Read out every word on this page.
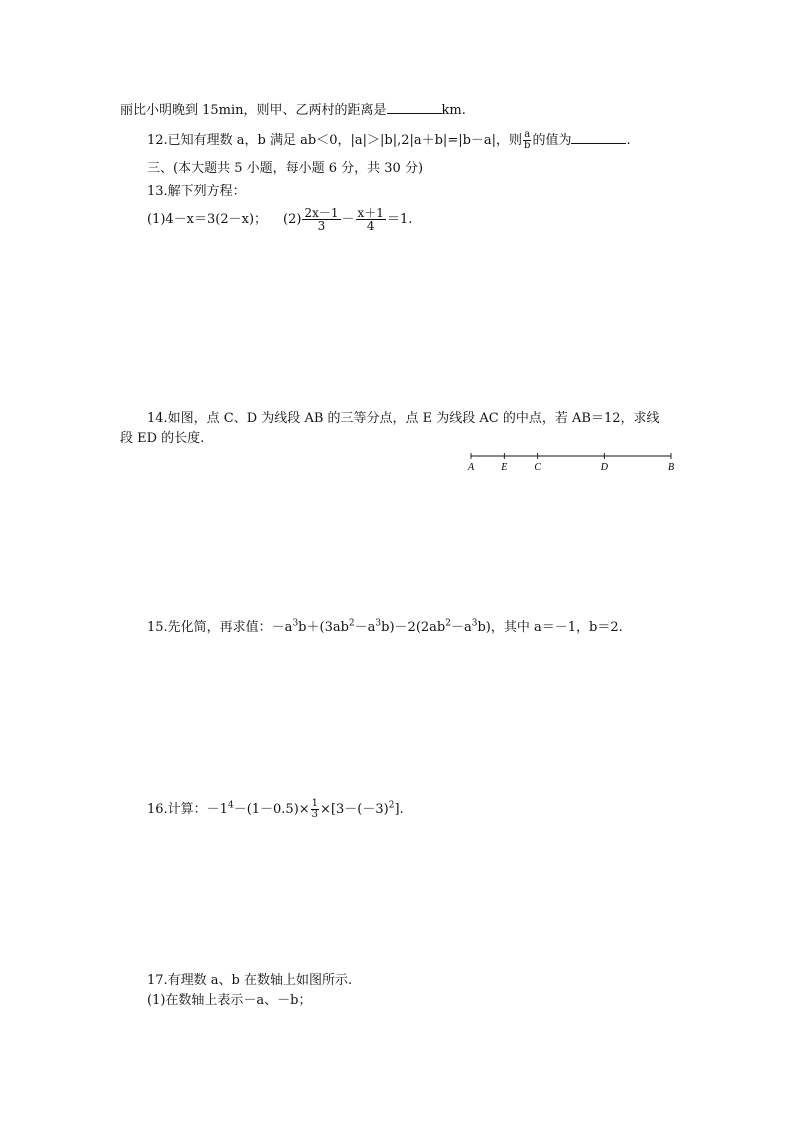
丽比小明晚到 15min，则甲、乙两村的距离是	km.
12.已知有理数 a，b 满足 ab＜0，|a|＞|b|,2|a＋b|=|b－a|，则 $\frac{a}{b}$ 的值为	.
三、(本大题共 5 小题，每小题 6 分，共 30 分)
13.解下列方程：
(1)4－x＝3(2－x)； $(2) \frac{2x-1}{3} - \frac{x+1}{4} =1$.
14.如图，点 C、D 为线段 AB 的三等分点，点 E 为线段 AC 的中点，若 AB＝12，求线
段 ED 的长度.
A	E	C	D	B
15.先化简，再求值：$-a^3b+(3ab^2-a^3b)-2(2ab^2-a^3b)$，其中 a＝－1，b＝2.
16.计算：$-1^4-(1-0.5)\times \frac{1}{3} \times[3-(-3)^2]$.
17.有理数 a、b 在数轴上如图所示.
(1)在数轴上表示－a、－b；
